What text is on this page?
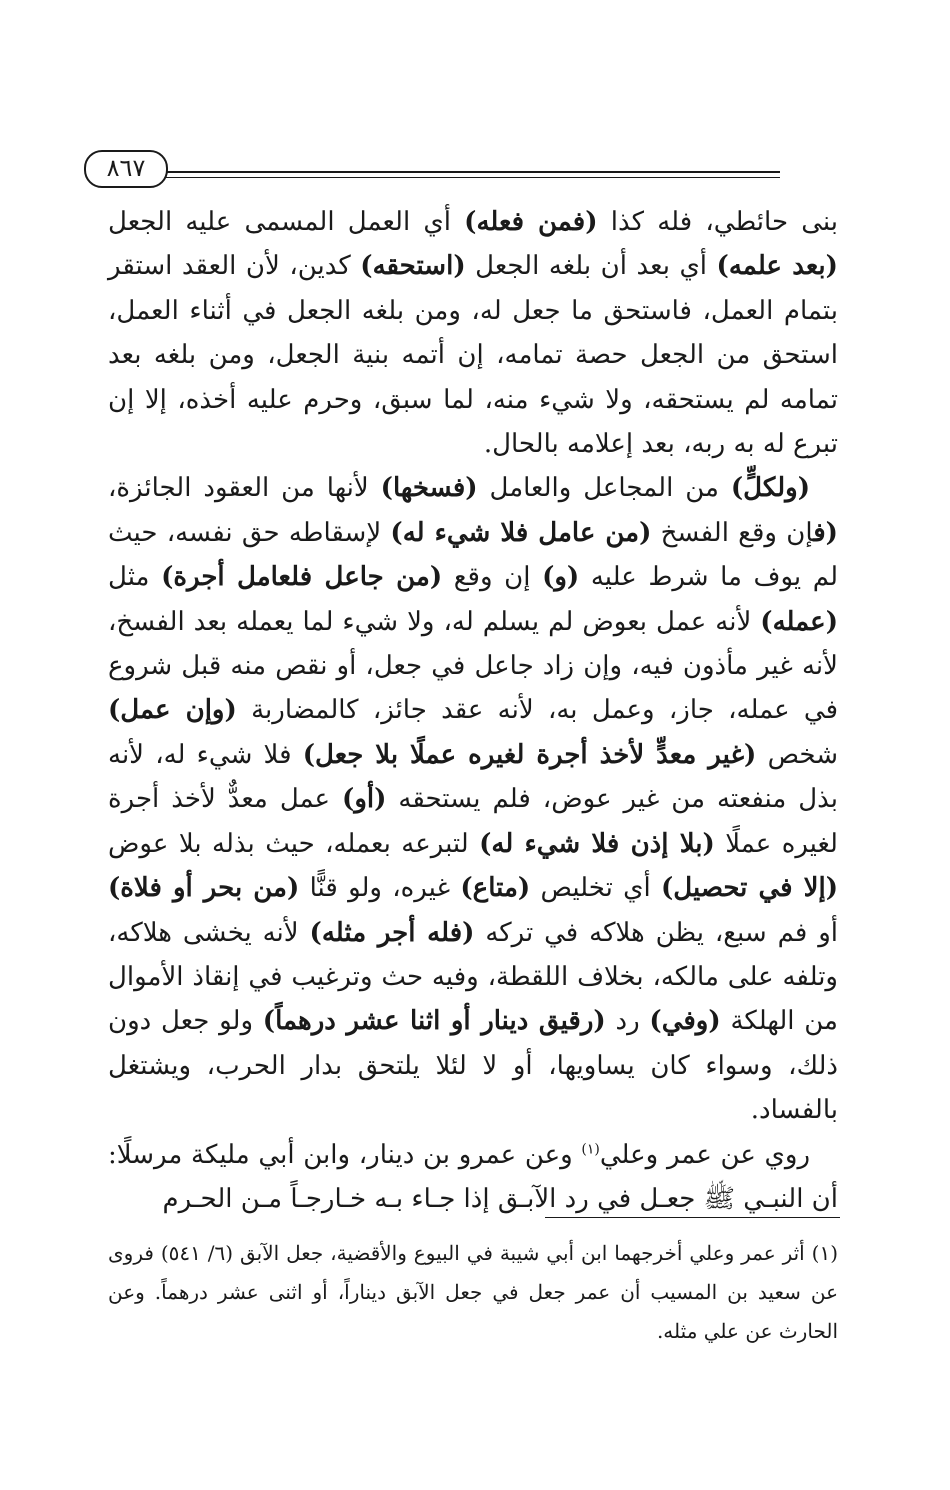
٨٦٧

بنى حائطي، فله كذا (فمن فعله) أي العمل المسمى عليه الجعل (بعد علمه) أي بعد أن بلغه الجعل (استحقه) كدين، لأن العقد استقر بتمام العمل، فاستحق ما جعل له، ومن بلغه الجعل في أثناء العمل، استحق من الجعل حصة تمامه، إن أتمه بنية الجعل، ومن بلغه بعد تمامه لم يستحقه، ولا شيء منه، لما سبق، وحرم عليه أخذه، إلا إن تبرع له به ربه، بعد إعلامه بالحال.

(ولكلٍّ) من المجاعل والعامل (فسخها) لأنها من العقود الجائزة، (فإن وقع الفسخ (من عامل فلا شيء له) لإسقاطه حق نفسه، حيث لم يوف ما شرط عليه (و) إن وقع (من جاعل فلعامل أجرة) مثل (عمله) لأنه عمل بعوض لم يسلم له، ولا شيء لما يعمله بعد الفسخ، لأنه غير مأذون فيه، وإن زاد جاعل في جعل، أو نقص منه قبل شروع في عمله، جاز، وعمل به، لأنه عقد جائز، كالمضاربة (وإن عمل) شخص (غير معدٍّ لأخذ أجرة لغيره عملًا بلا جعل) فلا شيء له، لأنه بذل منفعته من غير عوض، فلم يستحقه (أو) عمل معدٌّ لأخذ أجرة لغيره عملًا (بلا إذن فلا شيء له) لتبرعه بعمله، حيث بذله بلا عوض (إلا في تحصيل) أي تخليص (متاع) غيره، ولو قنًّا (من بحر أو فلاة) أو فم سبع، يظن هلاكه في تركه (فله أجر مثله) لأنه يخشى هلاكه، وتلفه على مالكه، بخلاف اللقطة، وفيه حث وترغيب في إنقاذ الأموال من الهلكة (وفي) رد (رقيق دينار أو اثنا عشر درهماً) ولو جعل دون ذلك، وسواء كان يساويها، أو لا لئلا يلتحق بدار الحرب، ويشتغل بالفساد.

روي عن عمر وعلي$^{(١)}$ وعن عمرو بن دينار، وابن أبي مليكة مرسلًا: أن النبـي ﷺ جعـل في رد الآبـق إذا جـاء بـه خـارجـاً مـن الحـرم

(١) أثر عمر وعلي أخرجهما ابن أبي شيبة في البيوع والأقضية، جعل الآبق (٦/ ٥٤١) فروى عن سعيد بن المسيب أن عمر جعل في جعل الآبق ديناراً، أو اثنى عشر درهماً. وعن الحارث عن علي مثله.
